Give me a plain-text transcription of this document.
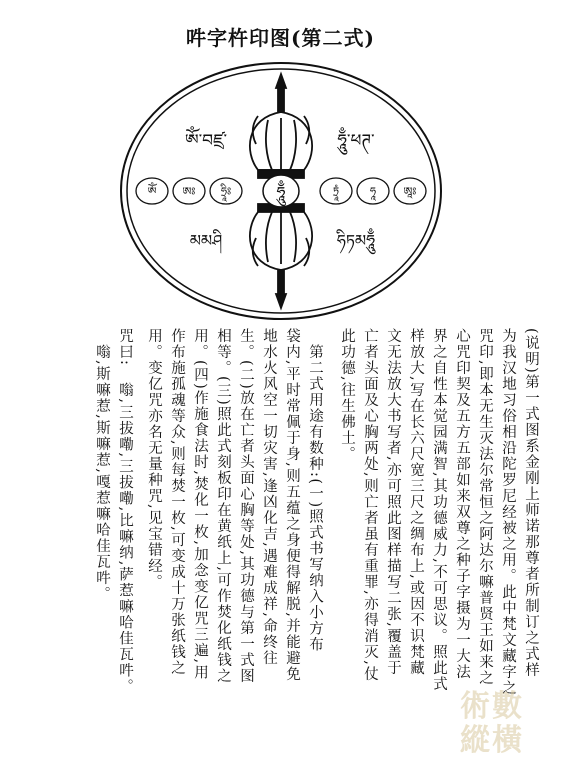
吽字杵印图(第二式)
ཨོཾ ཨཿ ཧྲཱིཿ	ཏྲཱཾ	ཧཱ ཨཱཿ
ཨོཾ་བཛྲ་	ཧཱུྃ་ཕཊ་
ཧཱུྃ
མམཤི	ཧིཏམཧཱུྃ
(说明)第一式图系金刚上师诺那尊者所制订之式样
为我汉地习俗相沿陀罗尼经被之用。此中梵文藏字之
咒印,即本无生灭法尔常恒之阿达尔嘛普贤王如来之
心咒印契及五方五部如来双尊之种子字摄为一大法
界之自性本觉园满智,其功德威力,不可思议。照此式
样放大,写在长六尺宽三尺之绸布上,或因不识梵藏
文无法放大书写者,亦可照此图样描写二张,覆盖于
亡者头面及心胸两处,则亡者虽有重罪,亦得消灭,仗
此功德,往生佛土。
　第二式用途有数种:(一)照式书写纳入小方布
袋内,平时常佩于身,则五蕴之身便得解脱,并能避免
地水火风空一切灾害,逢凶化吉,遇难成祥,命终往
生。(二)放在亡者头面心胸等处,其功德与第一式图
相等。(三)照此式刻板印在黄纸上,可作焚化纸钱之
用。(四)作施食法时,焚化一枚,加念变亿咒三遍,用
作布施孤魂等众,则每焚一枚,可变成十万张纸钱之
用。变亿咒亦名无量种咒,见宝错经。
咒曰:　嗡,三拔嘞,三拔嘞,比嘛纳,萨惹嘛哈佳瓦吽。
　嗡,斯嘛惹,斯嘛惹,嘎惹嘛哈佳瓦吽。
術數
縱橫
